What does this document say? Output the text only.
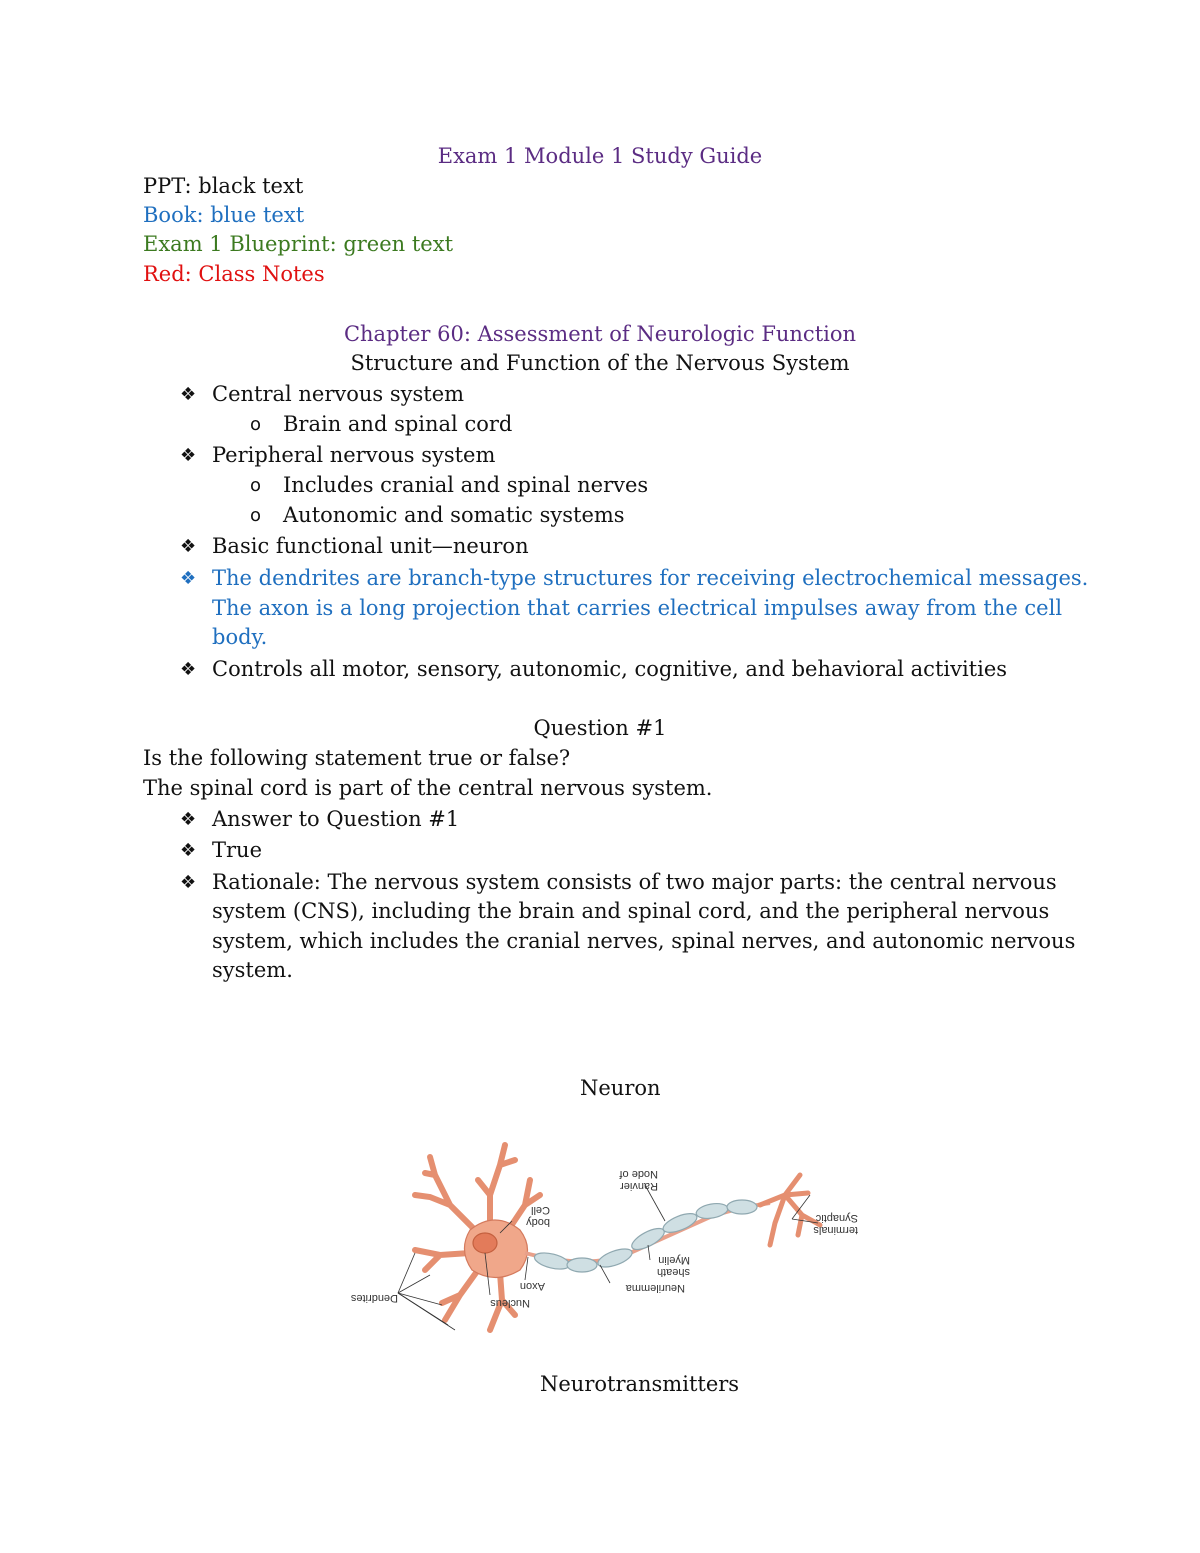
Exam 1 Module 1 Study Guide
PPT: black text
Book: blue text
Exam 1 Blueprint: green text
Red: Class Notes
Chapter 60: Assessment of Neurologic Function
Structure and Function of the Nervous System
❖ Central nervous system
o Brain and spinal cord
❖ Peripheral nervous system
o Includes cranial and spinal nerves
o Autonomic and somatic systems
❖ Basic functional unit—neuron
❖ The dendrites are branch-type structures for receiving electrochemical messages.
The axon is a long projection that carries electrical impulses away from the cell
body.
❖ Controls all motor, sensory, autonomic, cognitive, and behavioral activities
Question #1
Is the following statement true or false?
The spinal cord is part of the central nervous system.
❖ Answer to Question #1
❖ True
❖ Rationale: The nervous system consists of two major parts: the central nervous
system (CNS), including the brain and spinal cord, and the peripheral nervous
system, which includes the cranial nerves, spinal nerves, and autonomic nervous
system.
Neuron
Dendrites	Nucleus
Axon
Cell
body
Neurilemma
Myelin
sheath
Node of
Ranvier
Synaptic
terminals
Neurotransmitters
